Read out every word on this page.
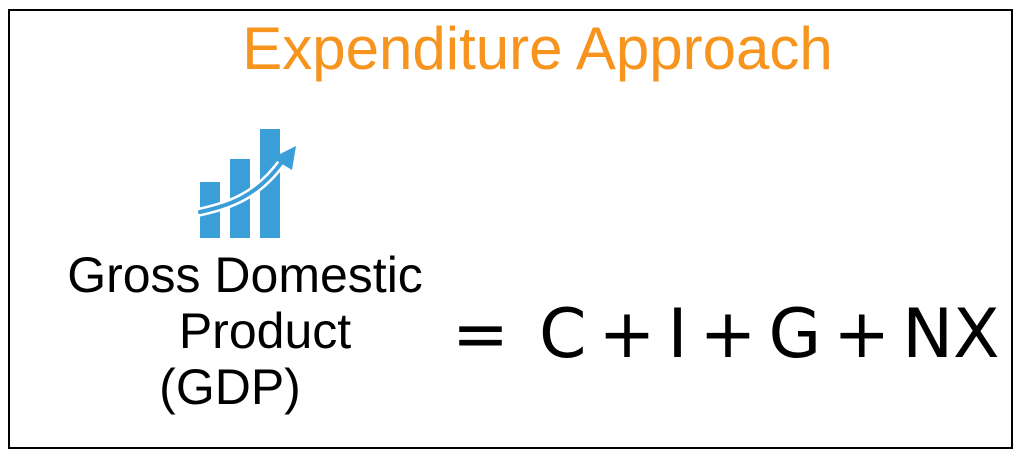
Expenditure Approach
Gross Domestic
Product
(GDP)
= C + I + G + NX
